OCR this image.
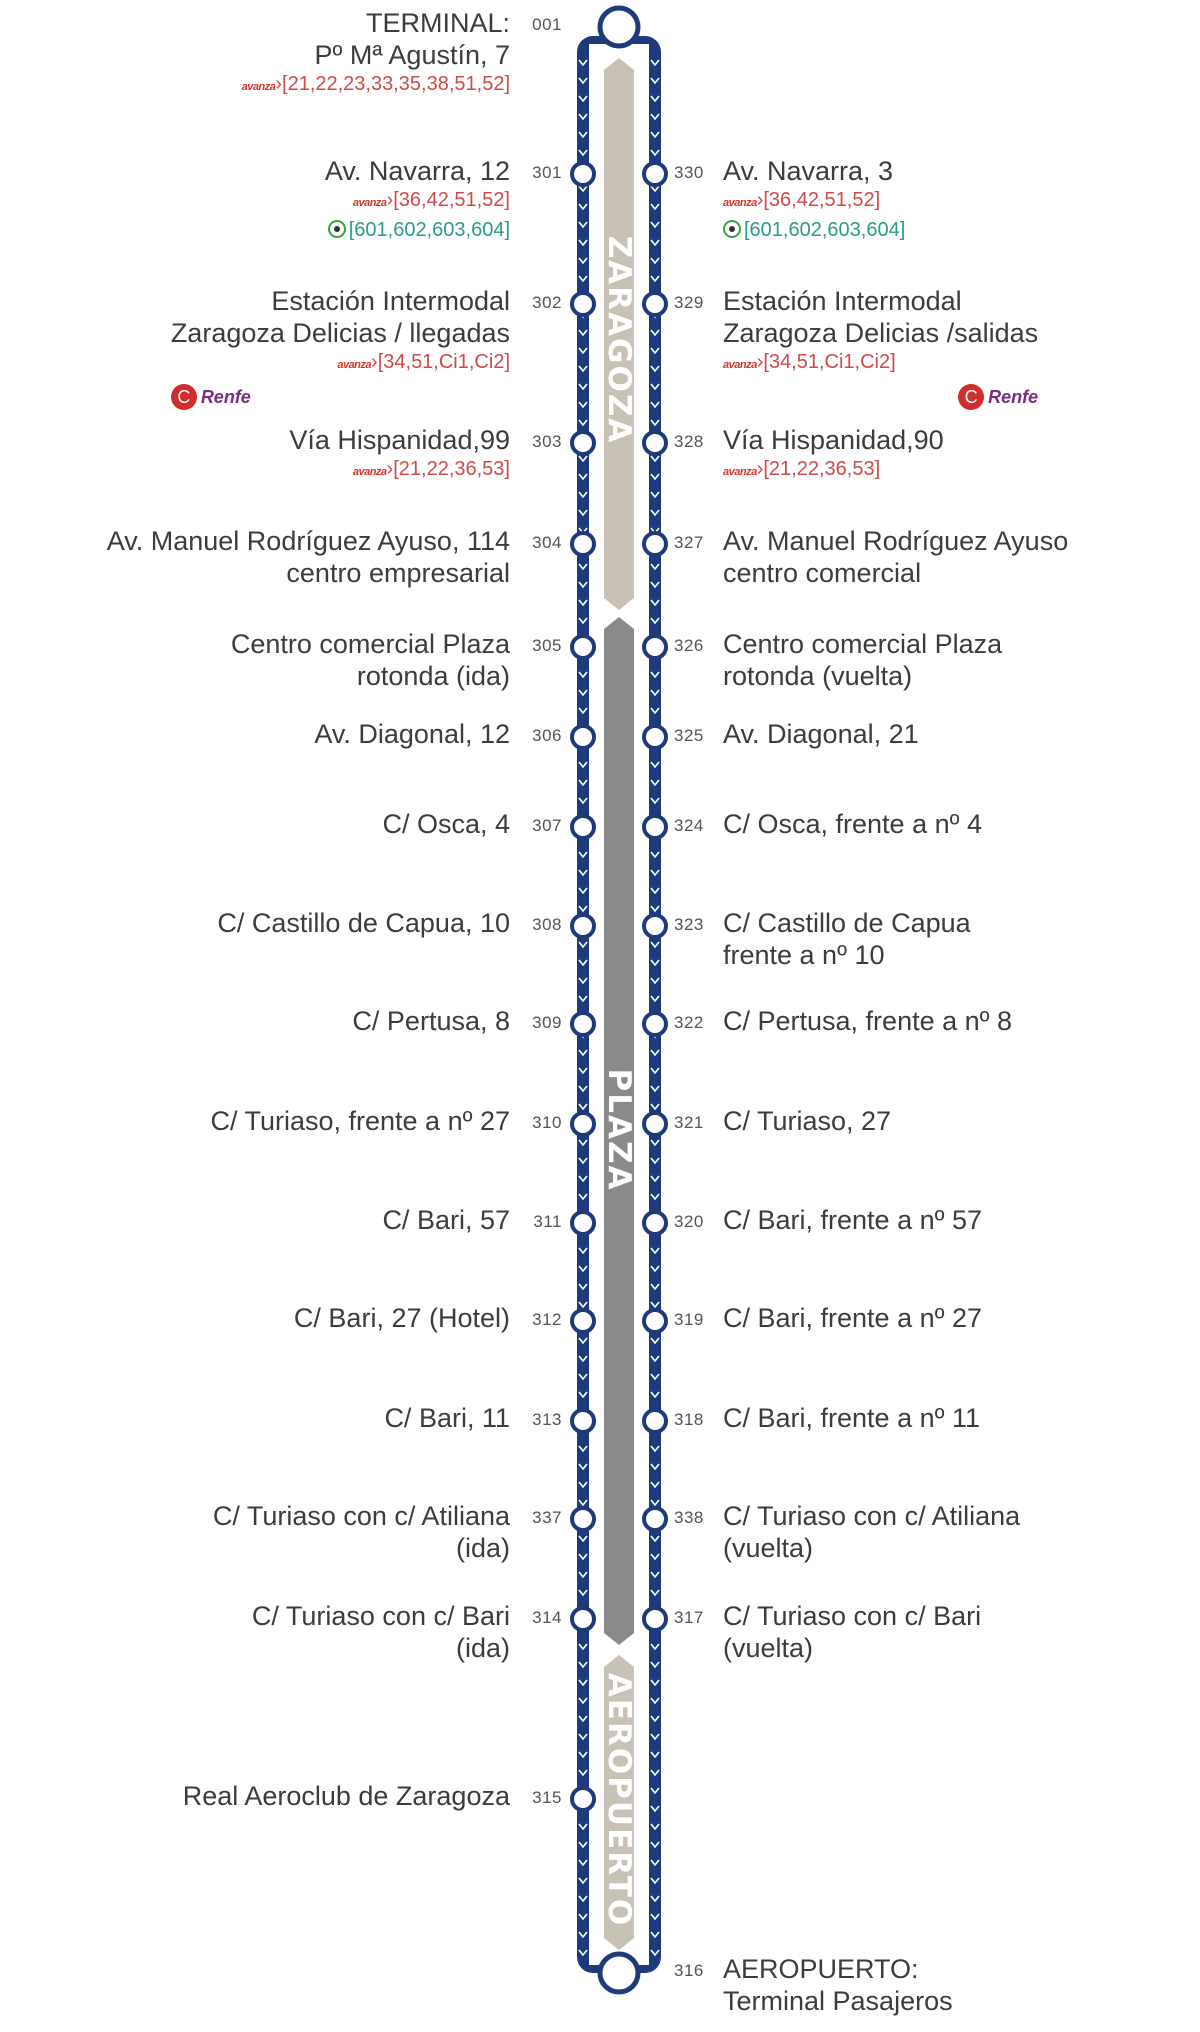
ZARAGOZA
PLAZA
AEROPUERTO
Av. Navarra, 12
avanza›[36,42,51,52]
[601,602,603,604]
301
Estación Intermodal
Zaragoza Delicias / llegadas
avanza›[34,51,Ci1,Ci2]
C Renfe
302
Vía Hispanidad,99
avanza›[21,22,36,53]
303
Av. Manuel Rodríguez Ayuso, 114
centro empresarial
304
Centro comercial Plaza
rotonda (ida)
305
Av. Diagonal, 12 306
C/ Osca, 4 307
C/ Castillo de Capua, 10 308
C/ Pertusa, 8 309
C/ Turiaso, frente a nº 27 310
C/ Bari, 57 311
C/ Bari, 27 (Hotel) 312
C/ Bari, 11 313
C/ Turiaso con c/ Atiliana
(ida)
337
C/ Turiaso con c/ Bari
(ida)
314
Real Aeroclub de Zaragoza 315
Av. Navarra, 3
avanza›[36,42,51,52]
[601,602,603,604]
330
Estación Intermodal
Zaragoza Delicias /salidas
avanza›[34,51,Ci1,Ci2]
C Renfe
329
Vía Hispanidad,90
avanza›[21,22,36,53]
328
Av. Manuel Rodríguez Ayuso
centro comercial
327
Centro comercial Plaza
rotonda (vuelta)
326
Av. Diagonal, 21
325
C/ Osca, frente a nº 4
324
C/ Castillo de Capua
frente a nº 10
323
C/ Pertusa, frente a nº 8
322
C/ Turiaso, 27
321
C/ Bari, frente a nº 57
320
C/ Bari, frente a nº 27
319
C/ Bari, frente a nº 11
318
C/ Turiaso con c/ Atiliana
(vuelta)
338
C/ Turiaso con c/ Bari
(vuelta)
317
TERMINAL:
Pº Mª Agustín, 7
avanza›[21,22,23,33,35,38,51,52]
001
AEROPUERTO:
Terminal Pasajeros
316
